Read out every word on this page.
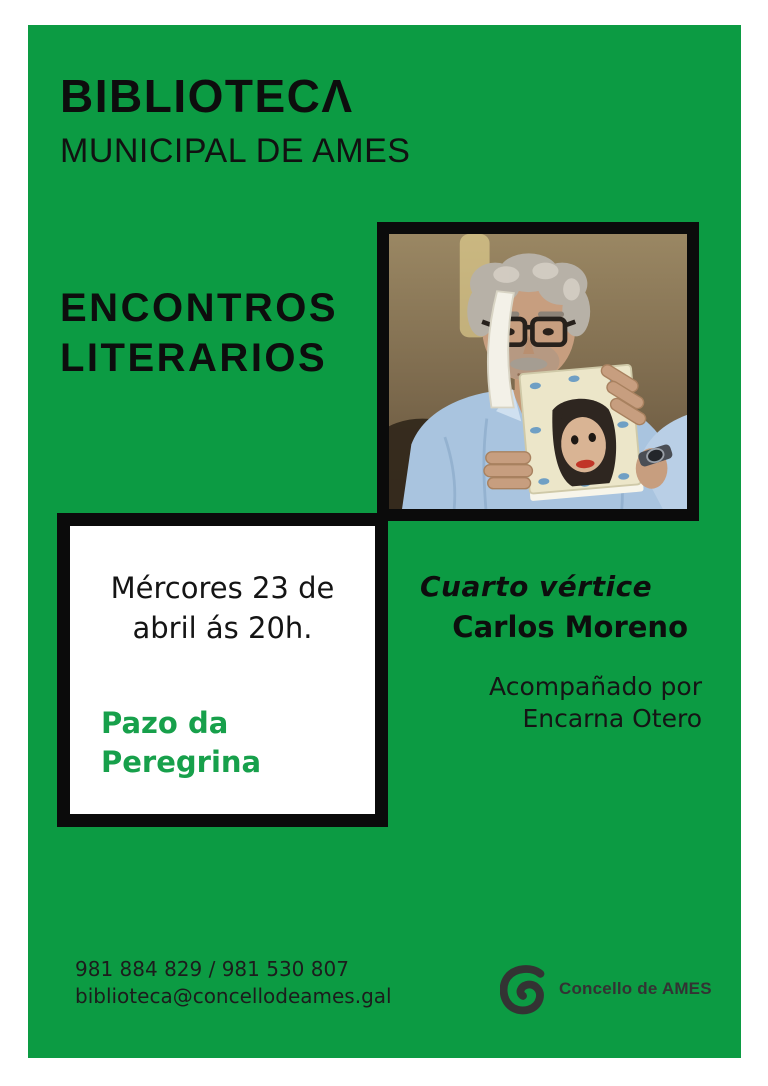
BIBLIOTECΛ
MUNICIPAL DE AMES
ENCONTROS
LITERARIOS
Mércores 23 de
abril ás 20h.
Pazo da
Peregrina
Cuarto vértice
Carlos Moreno
Acompañado por
Encarna Otero
981 884 829 / 981 530 807
biblioteca@concellodeames.gal	Concello de AMES
